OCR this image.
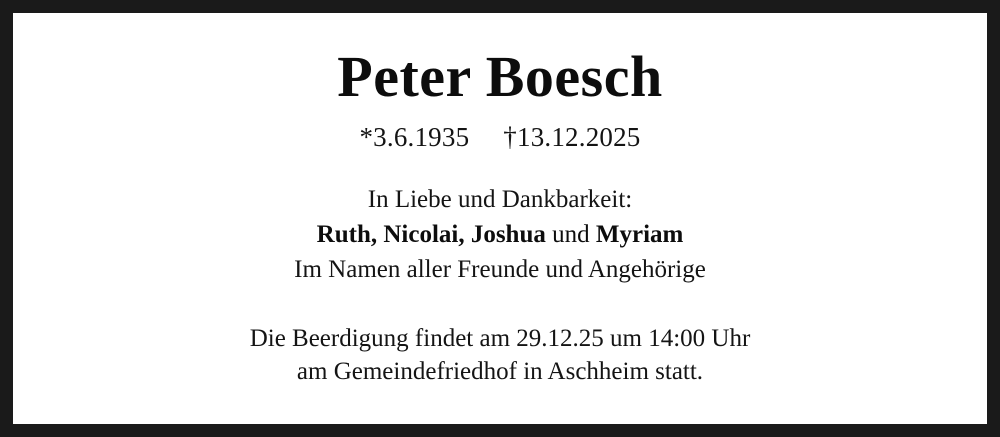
Peter Boesch
*3.6.1935 †13.12.2025
In Liebe und Dankbarkeit:
Ruth, Nicolai, Joshua und Myriam
Im Namen aller Freunde und Angehörige
Die Beerdigung findet am 29.12.25 um 14:00 Uhr
am Gemeindefriedhof in Aschheim statt.
